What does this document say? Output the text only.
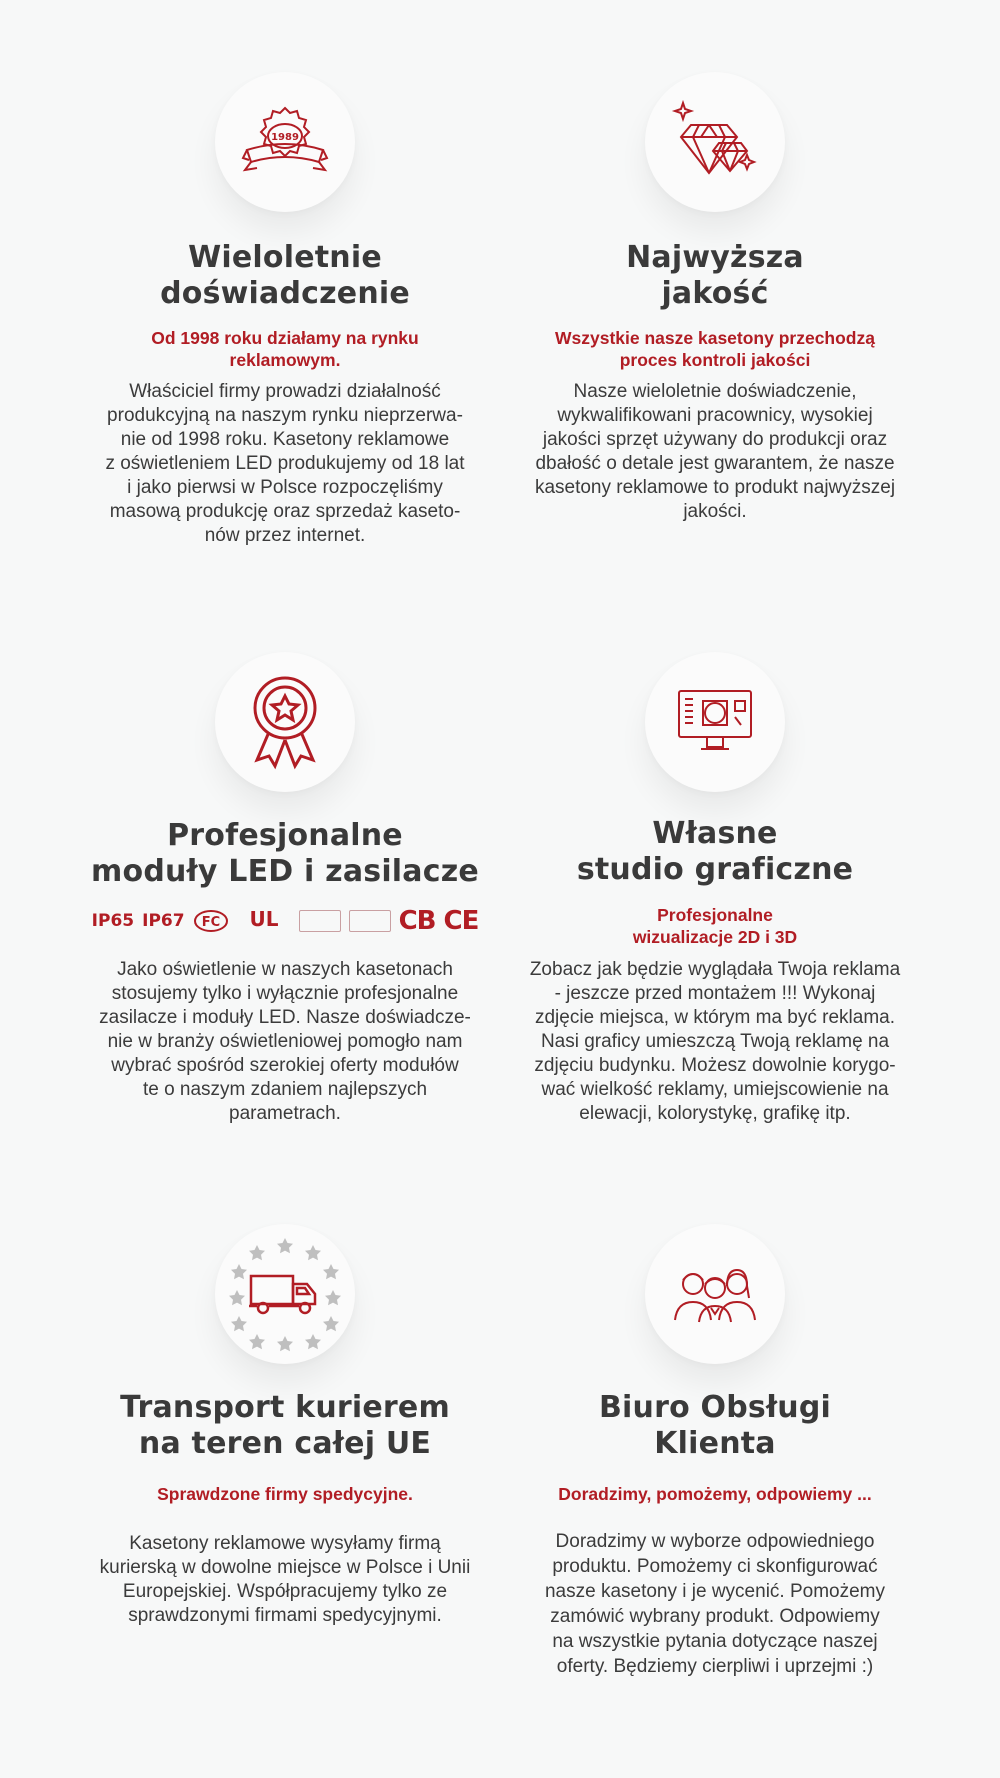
1989
Wieloletnie
doświadczenie
Od 1998 roku działamy na rynku
reklamowym.
Właściciel firmy prowadzi działalność
produkcyjną na naszym rynku nieprzerwa-
nie od 1998 roku. Kasetony reklamowe
z oświetleniem LED produkujemy od 18 lat
i jako pierwsi w Polsce rozpoczęliśmy
masową produkcję oraz sprzedaż kaseto-
nów przez internet.
Najwyższa
jakość
Wszystkie nasze kasetony przechodzą
proces kontroli jakości
Nasze wieloletnie doświadczenie,
wykwalifikowani pracownicy, wysokiej
jakości sprzęt używany do produkcji oraz
dbałość o detale jest gwarantem, że nasze
kasetony reklamowe to produkt najwyższej
jakości.
Profesjonalne
moduły LED i zasilacze
IP65 IP67 FC UL	CB CE
Jako oświetlenie w naszych kasetonach
stosujemy tylko i wyłącznie profesjonalne
zasilacze i moduły LED. Nasze doświadcze-
nie w branży oświetleniowej pomogło nam
wybrać spośród szerokiej oferty modułów
te o naszym zdaniem najlepszych
parametrach.
Własne
studio graficzne
Profesjonalne
wizualizacje 2D i 3D
Zobacz jak będzie wyglądała Twoja reklama
- jeszcze przed montażem !!! Wykonaj
zdjęcie miejsca, w którym ma być reklama.
Nasi graficy umieszczą Twoją reklamę na
zdjęciu budynku. Możesz dowolnie korygo-
wać wielkość reklamy, umiejscowienie na
elewacji, kolorystykę, grafikę itp.
Transport kurierem
na teren całej UE
Sprawdzone firmy spedycyjne.
Kasetony reklamowe wysyłamy firmą
kurierską w dowolne miejsce w Polsce i Unii
Europejskiej. Współpracujemy tylko ze
sprawdzonymi firmami spedycyjnymi.
Biuro Obsługi
Klienta
Doradzimy, pomożemy, odpowiemy ...
Doradzimy w wyborze odpowiedniego
produktu. Pomożemy ci skonfigurować
nasze kasetony i je wycenić. Pomożemy
zamówić wybrany produkt. Odpowiemy
na wszystkie pytania dotyczące naszej
oferty. Będziemy cierpliwi i uprzejmi :)
